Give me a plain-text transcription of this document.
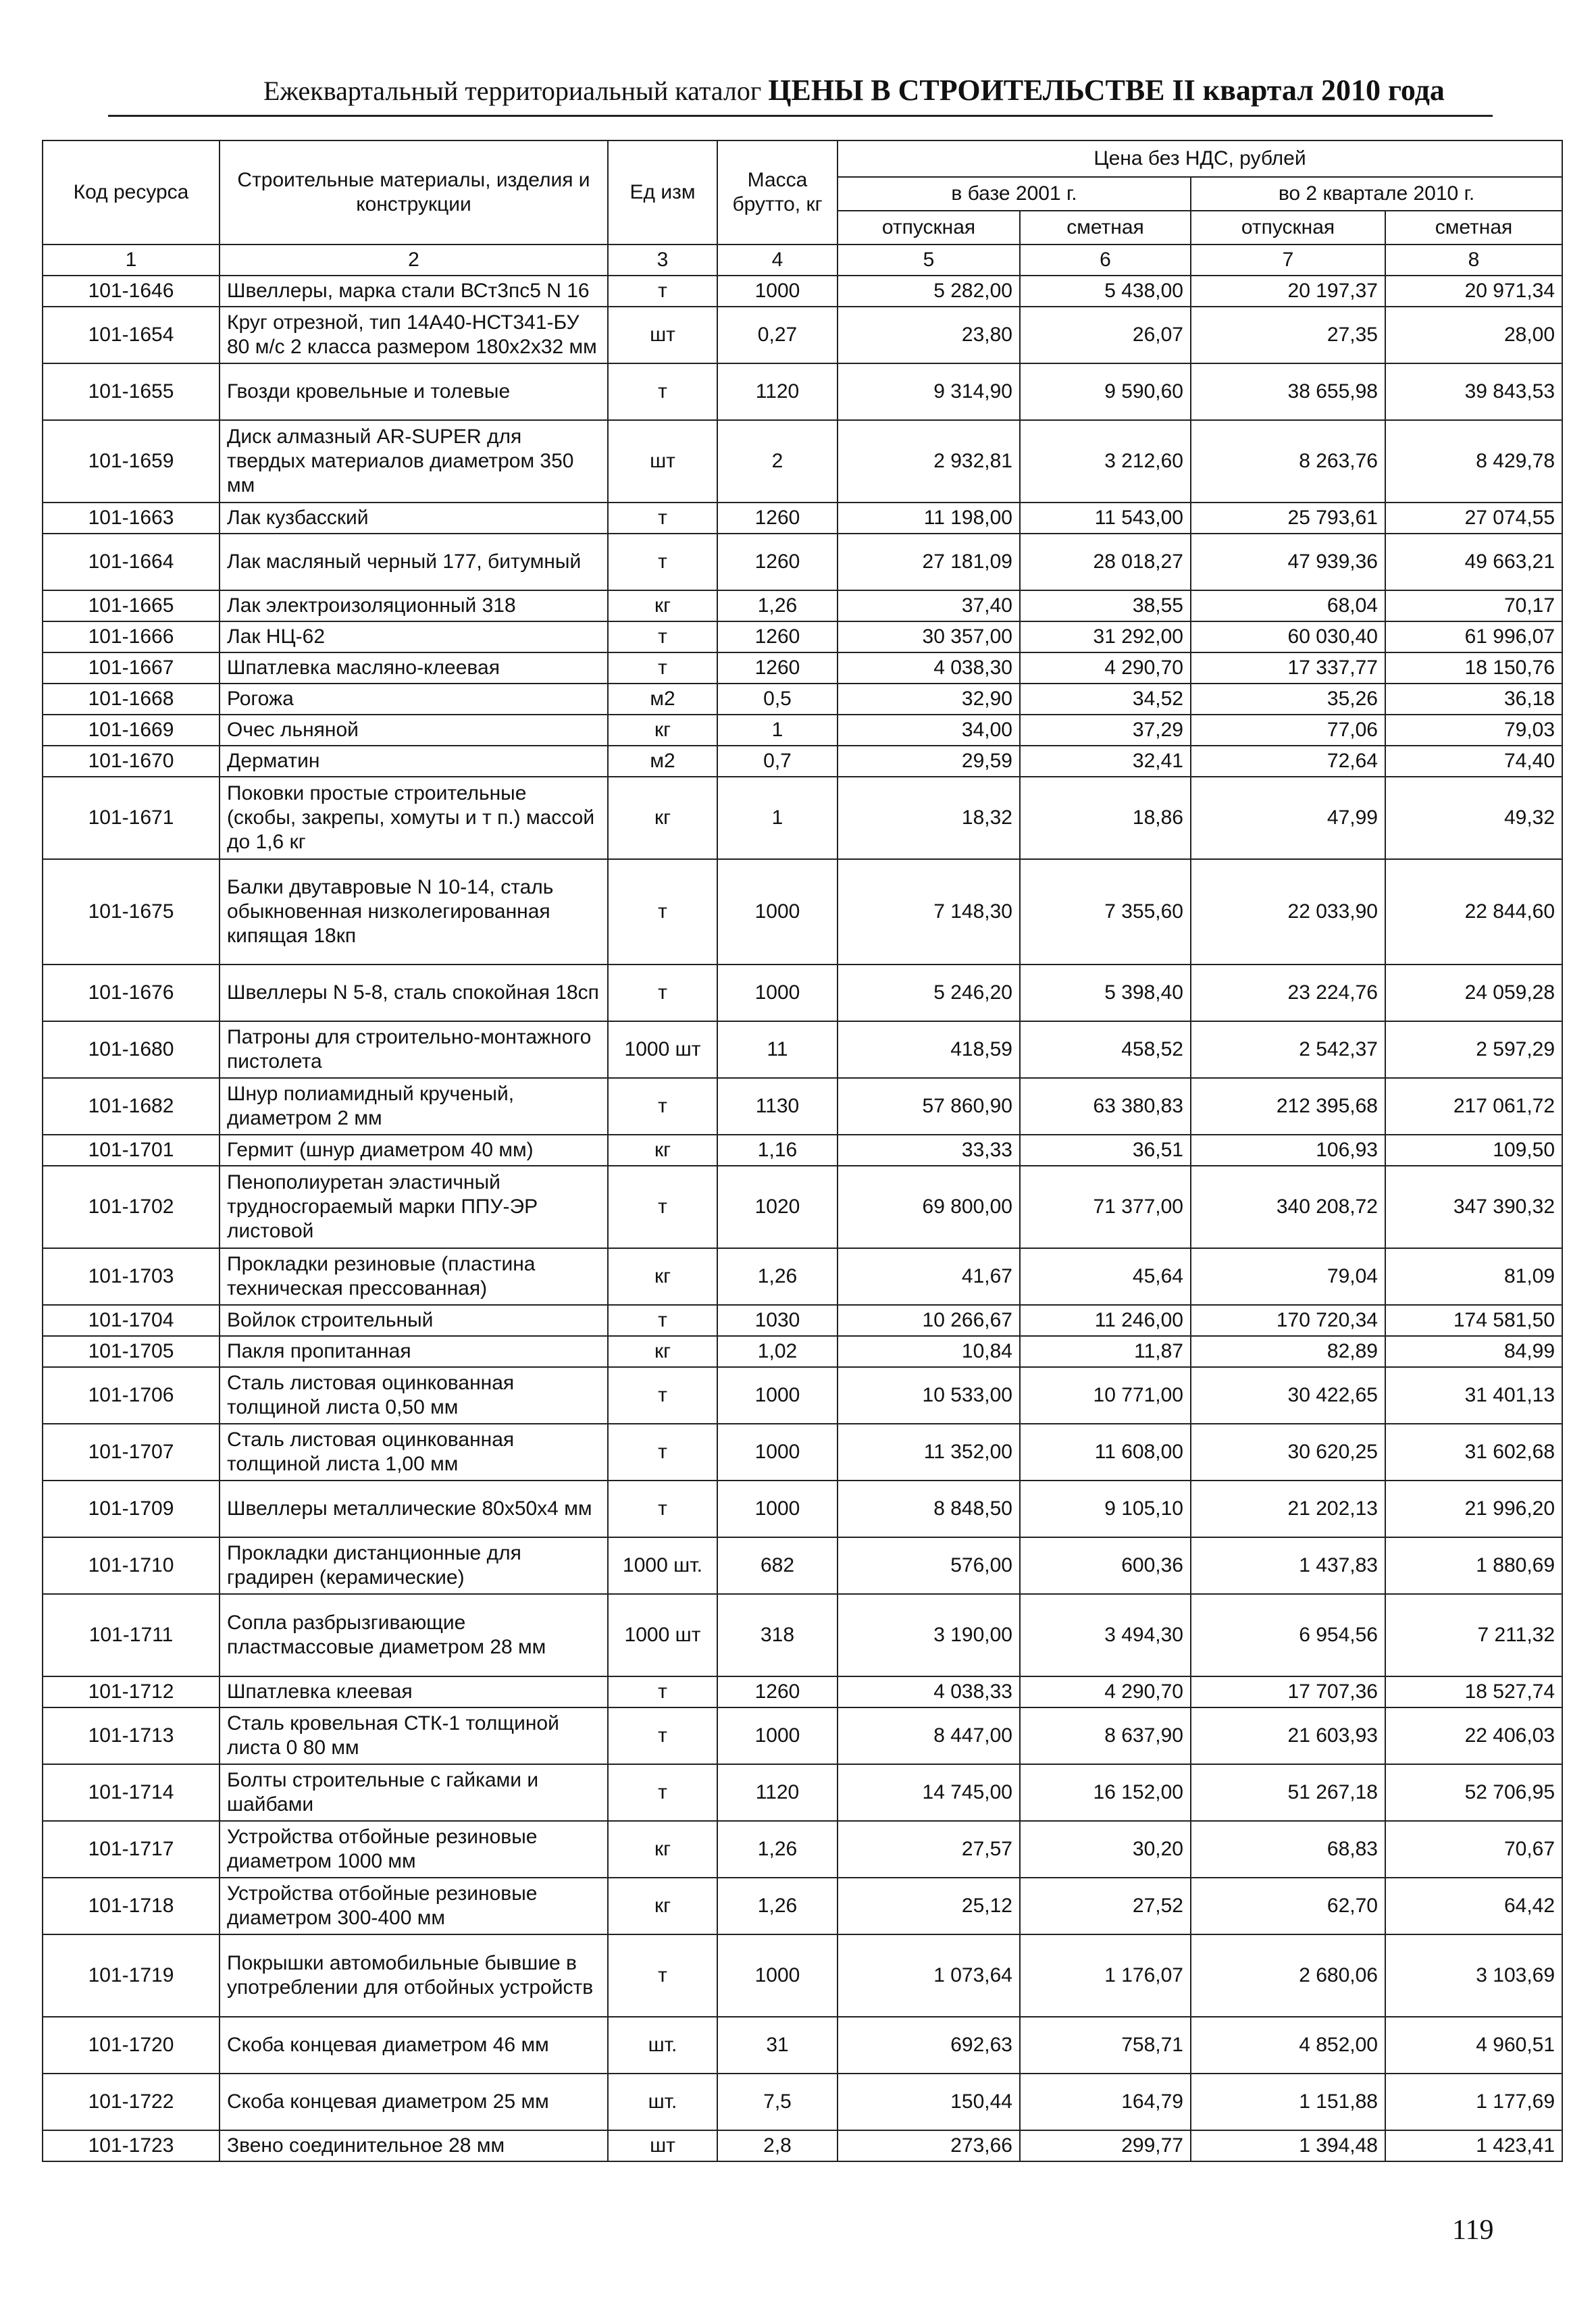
Ежеквартальный территориальный каталог ЦЕНЫ В СТРОИТЕЛЬСТВЕ II квартал 2010 года
Код ресурса	Строительные материалы, изделия и конструкции	Ед изм	Масса брутто, кг	Цена без НДС, рублей			
				в базе 2001 г.		во 2 квартале 2010 г.	
				отпускная	сметная	отпускная	сметная
1	2	3	4	5	6	7	8
101-1646	Швеллеры, марка стали ВСт3пс5 N 16	т	1000	5 282,00	5 438,00	20 197,37	20 971,34
101-1654	Круг отрезной, тип 14А40-НСТ341-БУ 80 м/с 2 класса размером 180х2х32 мм	шт	0,27	23,80	26,07	27,35	28,00
101-1655	Гвозди кровельные и толевые	т	1120	9 314,90	9 590,60	38 655,98	39 843,53
101-1659	Диск алмазный AR-SUPER для твердых материалов диаметром 350 мм	шт	2	2 932,81	3 212,60	8 263,76	8 429,78
101-1663	Лак кузбасский	т	1260	11 198,00	11 543,00	25 793,61	27 074,55
101-1664	Лак масляный черный 177, битумный	т	1260	27 181,09	28 018,27	47 939,36	49 663,21
101-1665	Лак электроизоляционный 318	кг	1,26	37,40	38,55	68,04	70,17
101-1666	Лак НЦ-62	т	1260	30 357,00	31 292,00	60 030,40	61 996,07
101-1667	Шпатлевка масляно-клеевая	т	1260	4 038,30	4 290,70	17 337,77	18 150,76
101-1668	Рогожа	м2	0,5	32,90	34,52	35,26	36,18
101-1669	Очес льняной	кг	1	34,00	37,29	77,06	79,03
101-1670	Дерматин	м2	0,7	29,59	32,41	72,64	74,40
101-1671	Поковки простые строительные (скобы, закрепы, хомуты и т п.) массой до 1,6 кг	кг	1	18,32	18,86	47,99	49,32
101-1675	Балки двутавровые N 10-14, сталь обыкновенная низколегированная кипящая 18кп	т	1000	7 148,30	7 355,60	22 033,90	22 844,60
101-1676	Швеллеры N 5-8, сталь спокойная 18сп	т	1000	5 246,20	5 398,40	23 224,76	24 059,28
101-1680	Патроны для строительно-монтажного пистолета	1000 шт	11	418,59	458,52	2 542,37	2 597,29
101-1682	Шнур полиамидный крученый, диаметром 2 мм	т	1130	57 860,90	63 380,83	212 395,68	217 061,72
101-1701	Гермит (шнур диаметром 40 мм)	кг	1,16	33,33	36,51	106,93	109,50
101-1702	Пенополиуретан эластичный трудносгораемый марки ППУ-ЭР листовой	т	1020	69 800,00	71 377,00	340 208,72	347 390,32
101-1703	Прокладки резиновые (пластина техническая прессованная)	кг	1,26	41,67	45,64	79,04	81,09
101-1704	Войлок строительный	т	1030	10 266,67	11 246,00	170 720,34	174 581,50
101-1705	Пакля пропитанная	кг	1,02	10,84	11,87	82,89	84,99
101-1706	Сталь листовая оцинкованная толщиной листа 0,50 мм	т	1000	10 533,00	10 771,00	30 422,65	31 401,13
101-1707	Сталь листовая оцинкованная толщиной листа 1,00 мм	т	1000	11 352,00	11 608,00	30 620,25	31 602,68
101-1709	Швеллеры металлические 80х50х4 мм	т	1000	8 848,50	9 105,10	21 202,13	21 996,20
101-1710	Прокладки дистанционные для градирен (керамические)	1000 шт.	682	576,00	600,36	1 437,83	1 880,69
101-1711	Сопла разбрызгивающие пластмассовые диаметром 28 мм	1000 шт	318	3 190,00	3 494,30	6 954,56	7 211,32
101-1712	Шпатлевка клеевая	т	1260	4 038,33	4 290,70	17 707,36	18 527,74
101-1713	Сталь кровельная СТК-1 толщиной листа 0 80 мм	т	1000	8 447,00	8 637,90	21 603,93	22 406,03
101-1714	Болты строительные с гайками и шайбами	т	1120	14 745,00	16 152,00	51 267,18	52 706,95
101-1717	Устройства отбойные резиновые диаметром 1000 мм	кг	1,26	27,57	30,20	68,83	70,67
101-1718	Устройства отбойные резиновые диаметром 300-400 мм	кг	1,26	25,12	27,52	62,70	64,42
101-1719	Покрышки автомобильные бывшие в употреблении для отбойных устройств	т	1000	1 073,64	1 176,07	2 680,06	3 103,69
101-1720	Скоба концевая диаметром 46 мм	шт.	31	692,63	758,71	4 852,00	4 960,51
101-1722	Скоба концевая диаметром 25 мм	шт.	7,5	150,44	164,79	1 151,88	1 177,69
101-1723	Звено соединительное 28 мм	шт	2,8	273,66	299,77	1 394,48	1 423,41
119
